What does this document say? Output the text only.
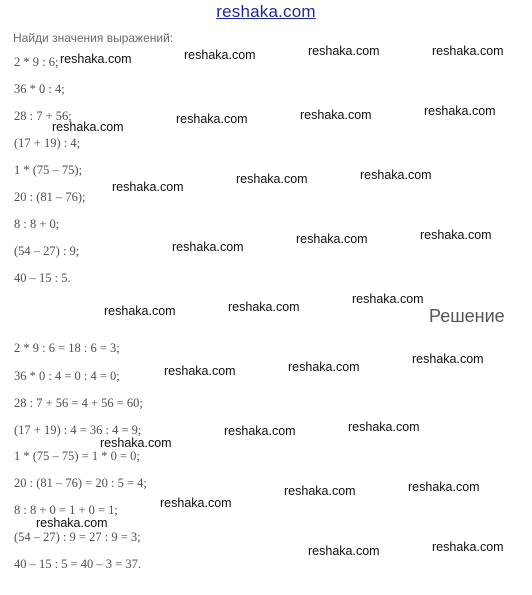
reshaka.com
Найди значения выражений:
2 * 9 : 6;
36 * 0 : 4;
28 : 7 + 56;
(17 + 19) : 4;
1 * (75 – 75);
20 : (81 – 76);
8 : 8 + 0;
(54 – 27) : 9;
40 – 15 : 5.
Решение
2 * 9 : 6 = 18 : 6 = 3;
36 * 0 : 4 = 0 : 4 = 0;
28 : 7 + 56 = 4 + 56 = 60;
(17 + 19) : 4 = 36 : 4 = 9;
1 * (75 – 75) = 1 * 0 = 0;
20 : (81 – 76) = 20 : 5 = 4;
8 : 8 + 0 = 1 + 0 = 1;
(54 – 27) : 9 = 27 : 9 = 3;
40 – 15 : 5 = 40 – 3 = 37.
reshaka.com	reshaka.com	reshaka.com	reshaka.com
reshaka.com
reshaka.com	reshaka.com	reshaka.com
reshaka.com
reshaka.com	reshaka.com
reshaka.com
reshaka.com	reshaka.com
reshaka.com	reshaka.com
reshaka.com
reshaka.com	reshaka.com
reshaka.com
reshaka.com
reshaka.com	reshaka.com
reshaka.com
reshaka.com	reshaka.com
reshaka.com
reshaka.com	reshaka.com
